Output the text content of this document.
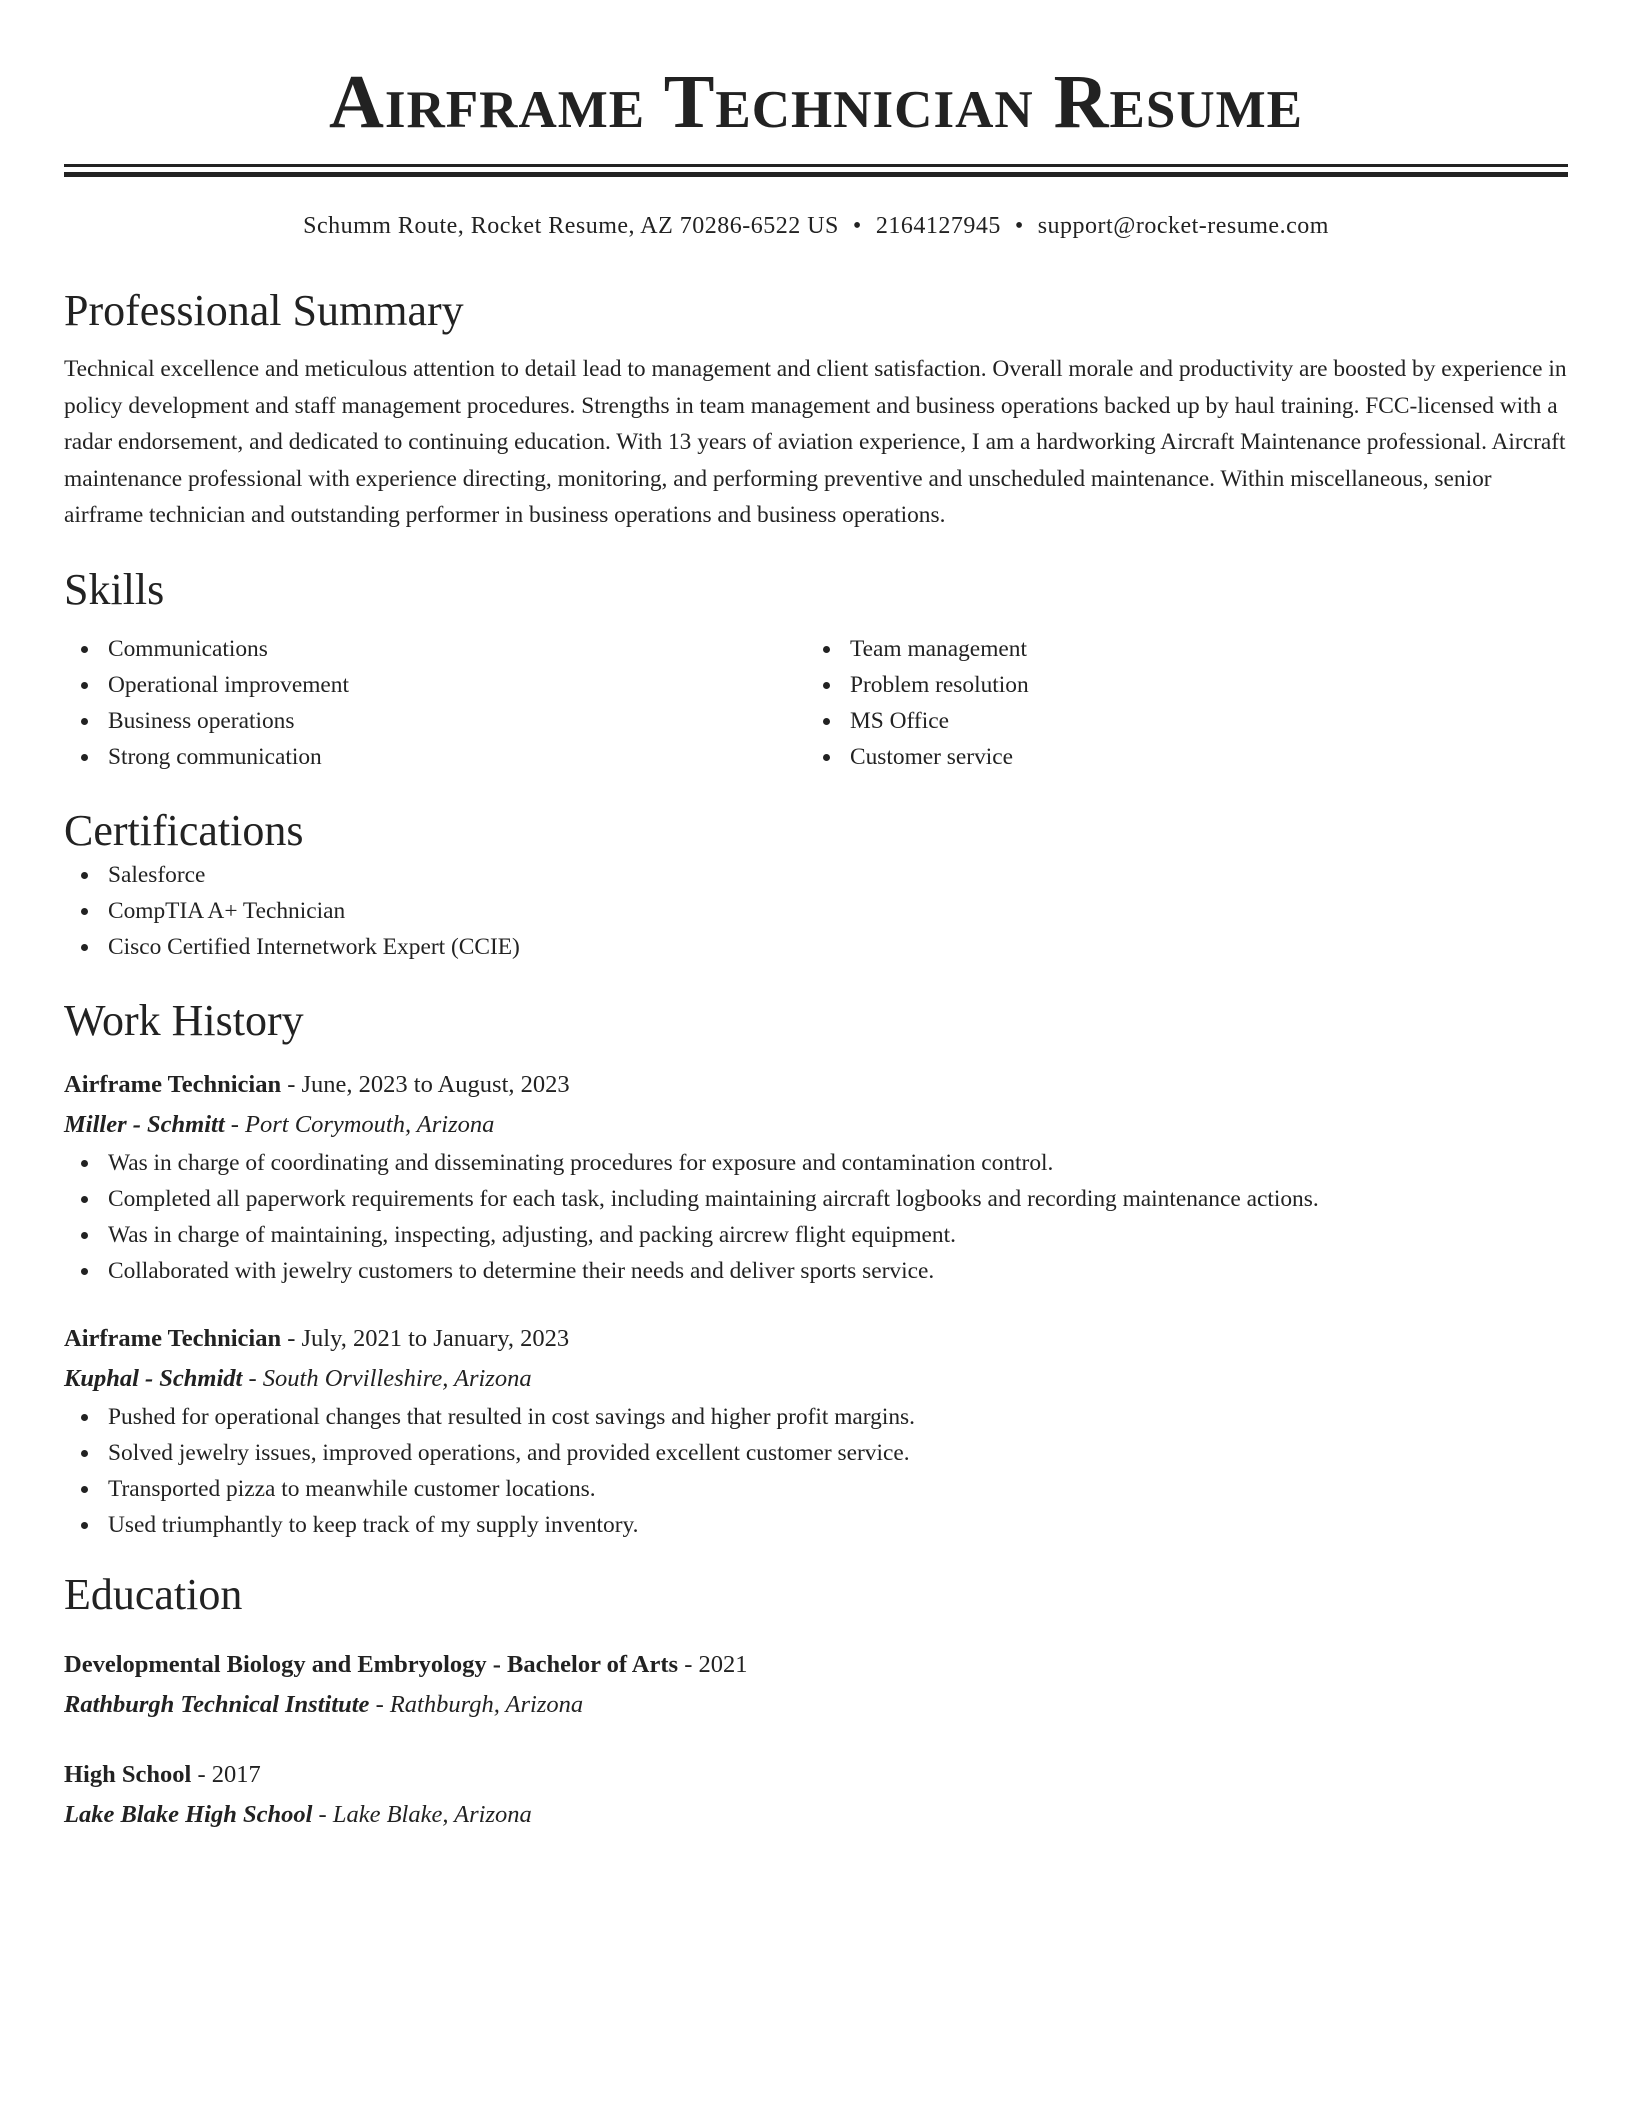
Airframe Technician Resume
Schumm Route, Rocket Resume, AZ 70286-6522 US • 2164127945 • support@rocket-resume.com
Professional Summary

Technical excellence and meticulous attention to detail lead to management and client satisfaction. Overall morale and productivity are boosted by experience in policy development and staff management procedures. Strengths in team management and business operations backed up by haul training. FCC-licensed with a radar endorsement, and dedicated to continuing education. With 13 years of aviation experience, I am a hardworking Aircraft Maintenance professional. Aircraft maintenance professional with experience directing, monitoring, and performing preventive and unscheduled maintenance. Within miscellaneous, senior airframe technician and outstanding performer in business operations and business operations.

Skills
Communications
Operational improvement
Business operations
Strong communication
Team management
Problem resolution
MS Office
Customer service
Certifications
Salesforce
CompTIA A+ Technician
Cisco Certified Internetwork Expert (CCIE)
Work History
Airframe Technician - June, 2023 to August, 2023
Miller - Schmitt - Port Corymouth, Arizona
Was in charge of coordinating and disseminating procedures for exposure and contamination control.
Completed all paperwork requirements for each task, including maintaining aircraft logbooks and recording maintenance actions.
Was in charge of maintaining, inspecting, adjusting, and packing aircrew flight equipment.
Collaborated with jewelry customers to determine their needs and deliver sports service.
Airframe Technician - July, 2021 to January, 2023
Kuphal - Schmidt - South Orvilleshire, Arizona
Pushed for operational changes that resulted in cost savings and higher profit margins.
Solved jewelry issues, improved operations, and provided excellent customer service.
Transported pizza to meanwhile customer locations.
Used triumphantly to keep track of my supply inventory.
Education
Developmental Biology and Embryology - Bachelor of Arts - 2021
Rathburgh Technical Institute - Rathburgh, Arizona
High School - 2017
Lake Blake High School - Lake Blake, Arizona
